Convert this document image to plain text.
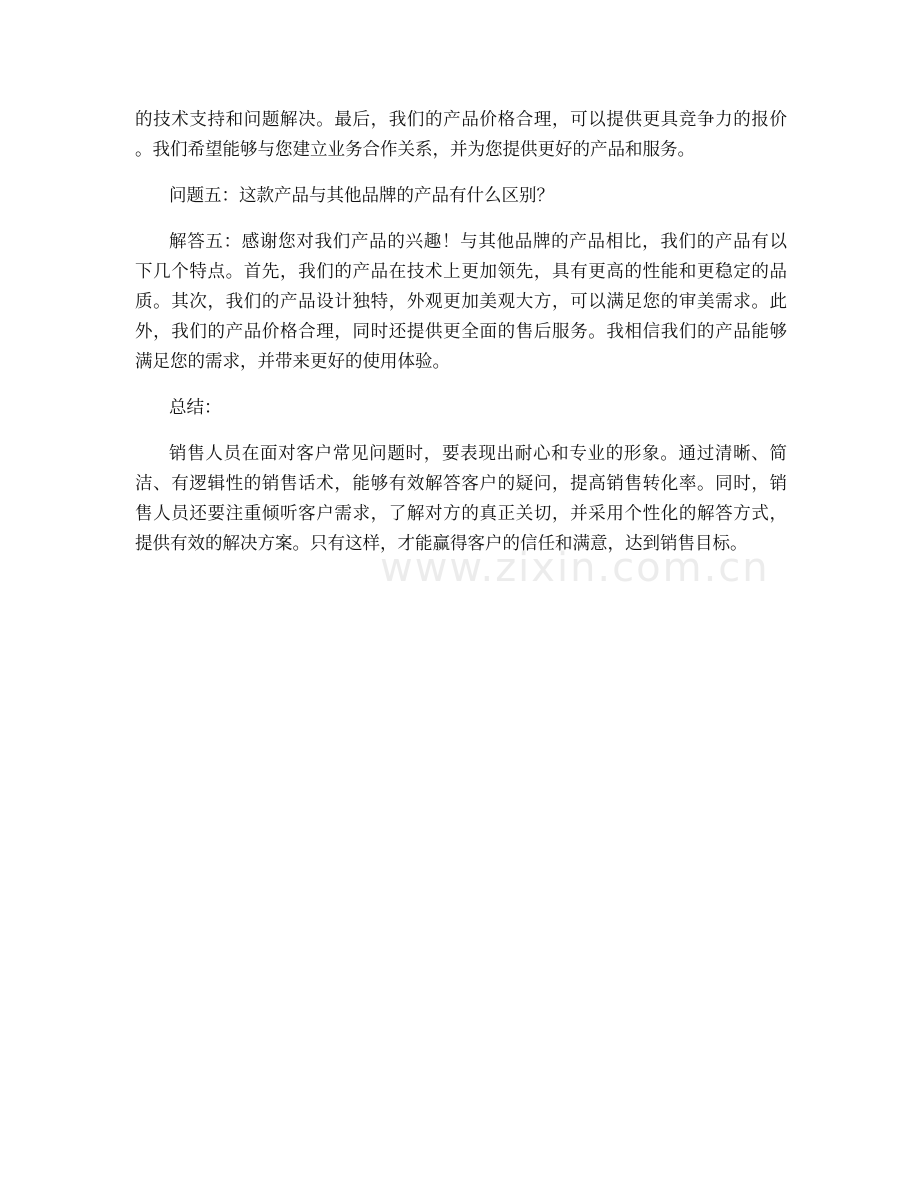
的技术支持和问题解决。最后，我们的产品价格合理，可以提供更具竞争力的报价
。我们希望能够与您建立业务合作关系，并为您提供更好的产品和服务。
问题五：这款产品与其他品牌的产品有什么区别？
解答五：感谢您对我们产品的兴趣！与其他品牌的产品相比，我们的产品有以
下几个特点。首先，我们的产品在技术上更加领先，具有更高的性能和更稳定的品
质。其次，我们的产品设计独特，外观更加美观大方，可以满足您的审美需求。此
外，我们的产品价格合理，同时还提供更全面的售后服务。我相信我们的产品能够
满足您的需求，并带来更好的使用体验。
总结：
销售人员在面对客户常见问题时，要表现出耐心和专业的形象。通过清晰、简
洁、有逻辑性的销售话术，能够有效解答客户的疑问，提高销售转化率。同时，销
售人员还要注重倾听客户需求，了解对方的真正关切，并采用个性化的解答方式，
提供有效的解决方案。只有这样，才能赢得客户的信任和满意，达到销售目标。
www.zixin.com.cn
